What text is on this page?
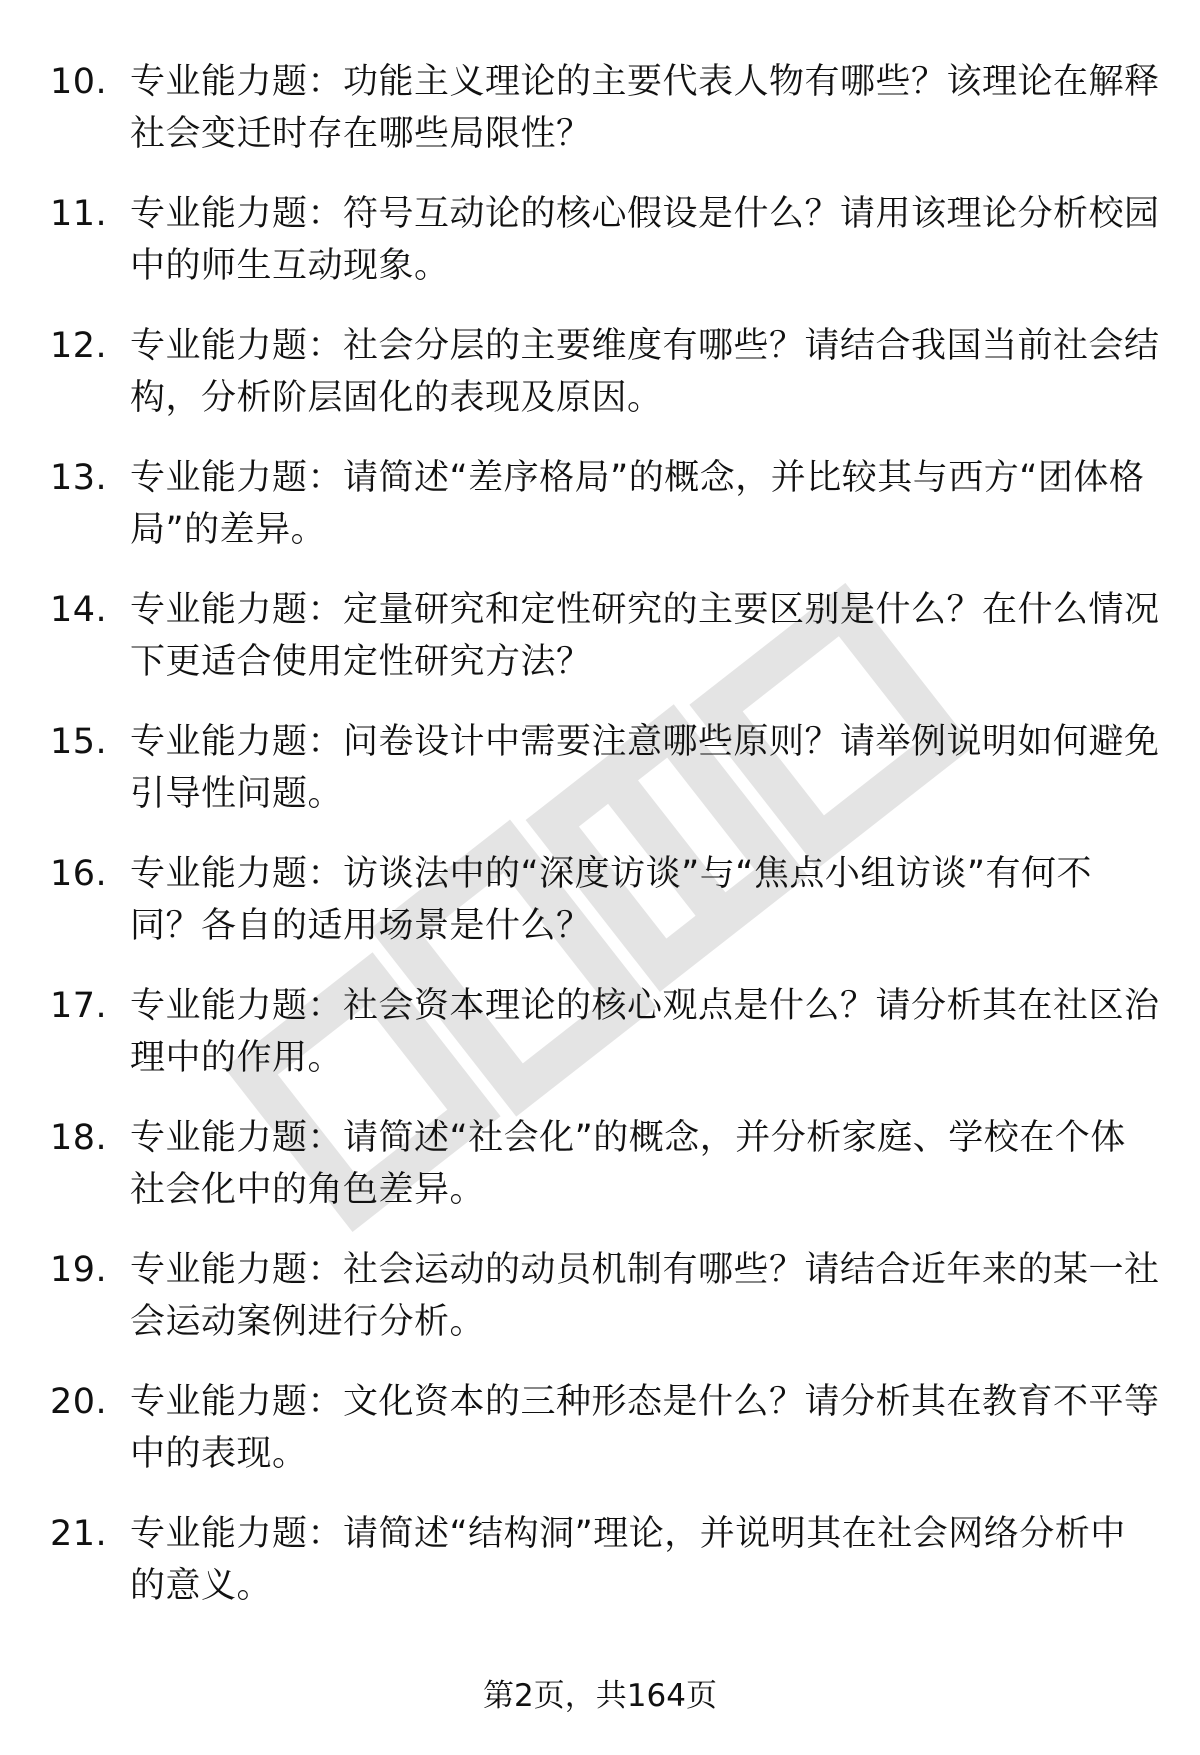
10. 专业能力题：功能主义理论的主要代表人物有哪些？该理论在解释社会变迁时存在哪些局限性？
11. 专业能力题：符号互动论的核心假设是什么？请用该理论分析校园中的师生互动现象。
12. 专业能力题：社会分层的主要维度有哪些？请结合我国当前社会结构，分析阶层固化的表现及原因。
13. 专业能力题：请简述“差序格局”的概念，并比较其与西方“团体格局”的差异。
14. 专业能力题：定量研究和定性研究的主要区别是什么？在什么情况下更适合使用定性研究方法？
15. 专业能力题：问卷设计中需要注意哪些原则？请举例说明如何避免引导性问题。
16. 专业能力题：访谈法中的“深度访谈”与“焦点小组访谈”有何不同？各自的适用场景是什么？
17. 专业能力题：社会资本理论的核心观点是什么？请分析其在社区治理中的作用。
18. 专业能力题：请简述“社会化”的概念，并分析家庭、学校在个体社会化中的角色差异。
19. 专业能力题：社会运动的动员机制有哪些？请结合近年来的某一社会运动案例进行分析。
20. 专业能力题：文化资本的三种形态是什么？请分析其在教育不平等中的表现。
21. 专业能力题：请简述“结构洞”理论，并说明其在社会网络分析中的意义。
第2页，共164页
